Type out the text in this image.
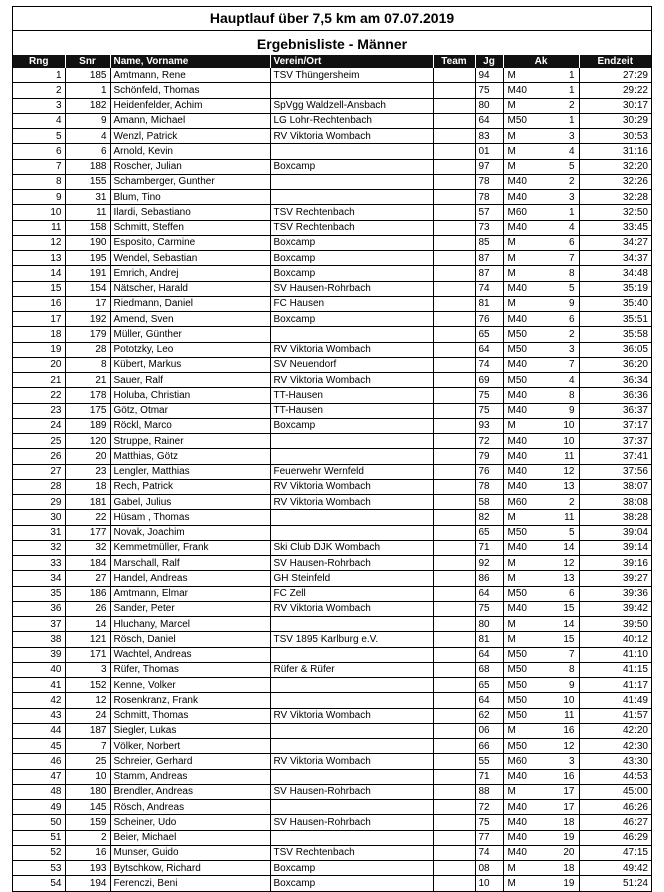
Hauptlauf über 7,5 km am 07.07.2019
Ergebnisliste - Männer
Rng	Snr	Name, Vorname	Verein/Ort	Team	Jg	Ak	Endzeit
1	185	Amtmann, Rene	TSV Thüngersheim		94	M 1	27:29
2	1	Schönfeld, Thomas			75	M40 1	29:22
3	182	Heidenfelder, Achim	SpVgg Waldzell-Ansbach		80	M 2	30:17
4	9	Amann, Michael	LG Lohr-Rechtenbach		64	M50 1	30:29
5	4	Wenzl, Patrick	RV Viktoria Wombach		83	M 3	30:53
6	6	Arnold, Kevin			01	M 4	31:16
7	188	Roscher, Julian	Boxcamp		97	M 5	32:20
8	155	Schamberger, Gunther			78	M40 2	32:26
9	31	Blum, Tino			78	M40 3	32:28
10	11	Ilardi, Sebastiano	TSV Rechtenbach		57	M60 1	32:50
11	158	Schmitt, Steffen	TSV Rechtenbach		73	M40 4	33:45
12	190	Esposito, Carmine	Boxcamp		85	M 6	34:27
13	195	Wendel, Sebastian	Boxcamp		87	M 7	34:37
14	191	Emrich, Andrej	Boxcamp		87	M 8	34:48
15	154	Nätscher, Harald	SV Hausen-Rohrbach		74	M40 5	35:19
16	17	Riedmann, Daniel	FC Hausen		81	M 9	35:40
17	192	Amend, Sven	Boxcamp		76	M40 6	35:51
18	179	Müller, Günther			65	M50 2	35:58
19	28	Pototzky, Leo	RV Viktoria Wombach		64	M50 3	36:05
20	8	Kübert, Markus	SV Neuendorf		74	M40 7	36:20
21	21	Sauer, Ralf	RV Viktoria Wombach		69	M50 4	36:34
22	178	Holuba, Christian	TT-Hausen		75	M40 8	36:36
23	175	Götz, Otmar	TT-Hausen		75	M40 9	36:37
24	189	Röckl, Marco	Boxcamp		93	M 10	37:17
25	120	Struppe, Rainer			72	M40 10	37:37
26	20	Matthias, Götz			79	M40 11	37:41
27	23	Lengler, Matthias	Feuerwehr Wernfeld		76	M40 12	37:56
28	18	Rech, Patrick	RV Viktoria Wombach		78	M40 13	38:07
29	181	Gabel, Julius	RV Viktoria Wombach		58	M60 2	38:08
30	22	Hüsam , Thomas			82	M 11	38:28
31	177	Novak, Joachim			65	M50 5	39:04
32	32	Kemmetmüller, Frank	Ski Club DJK Wombach		71	M40 14	39:14
33	184	Marschall, Ralf	SV Hausen-Rohrbach		92	M 12	39:16
34	27	Handel, Andreas	GH Steinfeld		86	M 13	39:27
35	186	Amtmann, Elmar	FC Zell		64	M50 6	39:36
36	26	Sander, Peter	RV Viktoria Wombach		75	M40 15	39:42
37	14	Hluchany, Marcel			80	M 14	39:50
38	121	Rösch, Daniel	TSV 1895 Karlburg e.V.		81	M 15	40:12
39	171	Wachtel, Andreas			64	M50 7	41:10
40	3	Rüfer, Thomas	Rüfer & Rüfer		68	M50 8	41:15
41	152	Kenne, Volker			65	M50 9	41:17
42	12	Rosenkranz, Frank			64	M50 10	41:49
43	24	Schmitt, Thomas	RV Viktoria Wombach		62	M50 11	41:57
44	187	Siegler, Lukas			06	M 16	42:20
45	7	Völker, Norbert			66	M50 12	42:30
46	25	Schreier, Gerhard	RV Viktoria Wombach		55	M60 3	43:30
47	10	Stamm, Andreas			71	M40 16	44:53
48	180	Brendler, Andreas	SV Hausen-Rohrbach		88	M 17	45:00
49	145	Rösch, Andreas			72	M40 17	46:26
50	159	Scheiner, Udo	SV Hausen-Rohrbach		75	M40 18	46:27
51	2	Beier, Michael			77	M40 19	46:29
52	16	Munser, Guido	TSV Rechtenbach		74	M40 20	47:15
53	193	Bytschkow, Richard	Boxcamp		08	M 18	49:42
54	194	Ferenczi, Beni	Boxcamp		10	M 19	51:24
